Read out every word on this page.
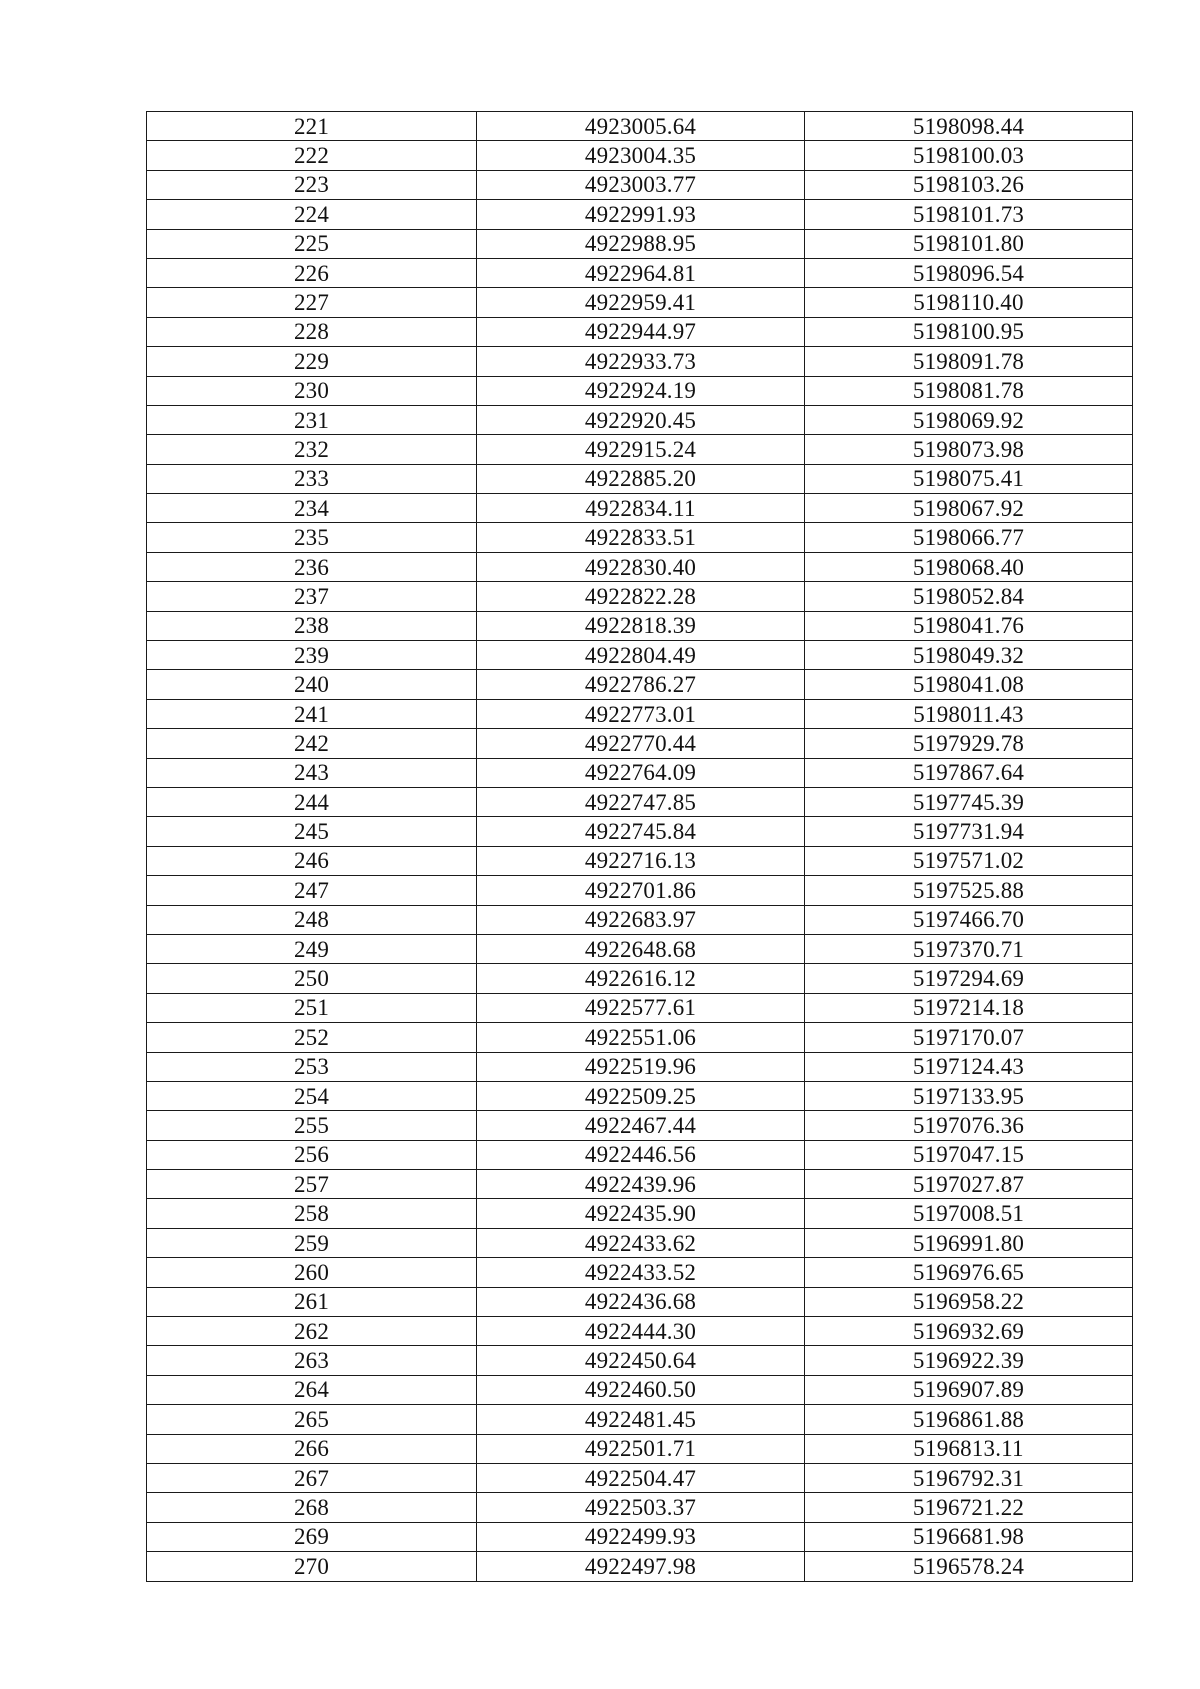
221	4923005.64	5198098.44
222	4923004.35	5198100.03
223	4923003.77	5198103.26
224	4922991.93	5198101.73
225	4922988.95	5198101.80
226	4922964.81	5198096.54
227	4922959.41	5198110.40
228	4922944.97	5198100.95
229	4922933.73	5198091.78
230	4922924.19	5198081.78
231	4922920.45	5198069.92
232	4922915.24	5198073.98
233	4922885.20	5198075.41
234	4922834.11	5198067.92
235	4922833.51	5198066.77
236	4922830.40	5198068.40
237	4922822.28	5198052.84
238	4922818.39	5198041.76
239	4922804.49	5198049.32
240	4922786.27	5198041.08
241	4922773.01	5198011.43
242	4922770.44	5197929.78
243	4922764.09	5197867.64
244	4922747.85	5197745.39
245	4922745.84	5197731.94
246	4922716.13	5197571.02
247	4922701.86	5197525.88
248	4922683.97	5197466.70
249	4922648.68	5197370.71
250	4922616.12	5197294.69
251	4922577.61	5197214.18
252	4922551.06	5197170.07
253	4922519.96	5197124.43
254	4922509.25	5197133.95
255	4922467.44	5197076.36
256	4922446.56	5197047.15
257	4922439.96	5197027.87
258	4922435.90	5197008.51
259	4922433.62	5196991.80
260	4922433.52	5196976.65
261	4922436.68	5196958.22
262	4922444.30	5196932.69
263	4922450.64	5196922.39
264	4922460.50	5196907.89
265	4922481.45	5196861.88
266	4922501.71	5196813.11
267	4922504.47	5196792.31
268	4922503.37	5196721.22
269	4922499.93	5196681.98
270	4922497.98	5196578.24
